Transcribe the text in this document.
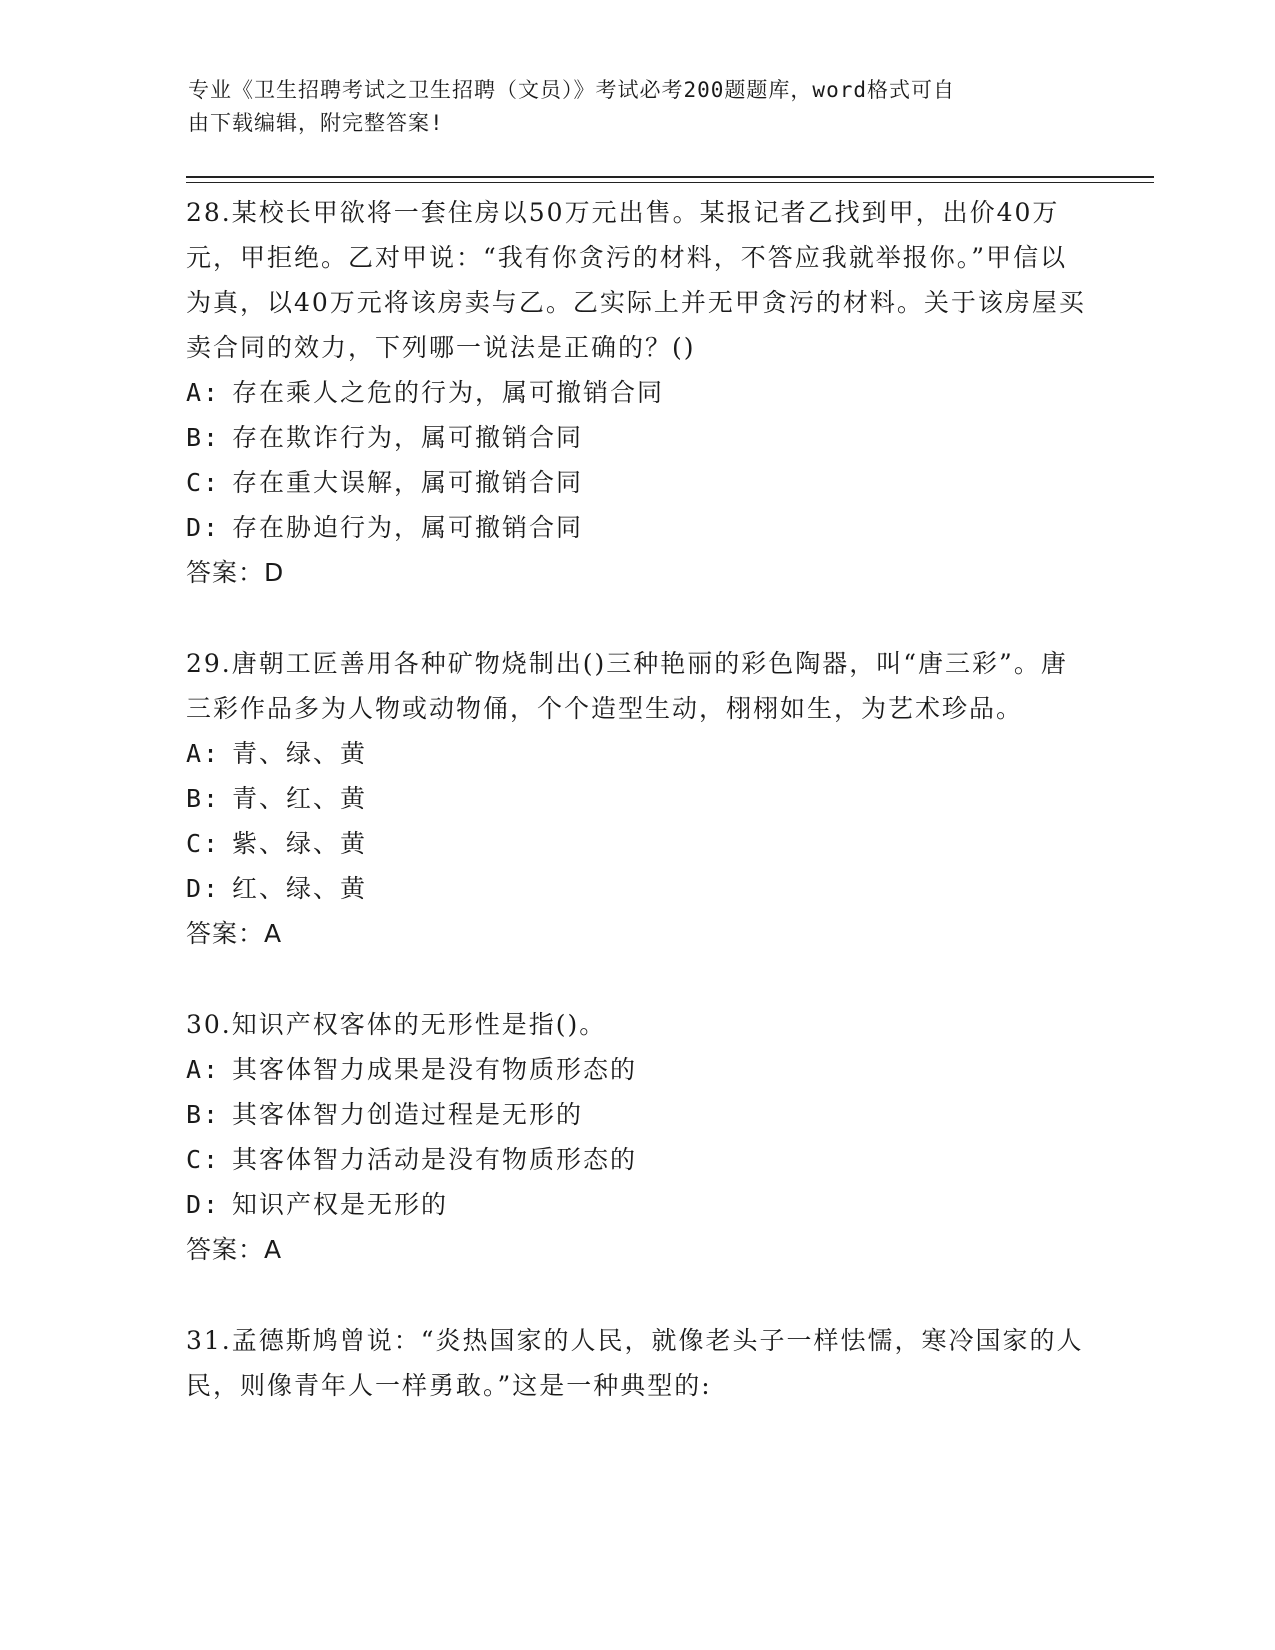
专业《卫生招聘考试之卫生招聘（文员）》考试必考200题题库，word格式可自
由下载编辑，附完整答案!

28.某校长甲欲将一套住房以50万元出售。某报记者乙找到甲，出价40万元，甲拒绝。乙对甲说：“我有你贪污的材料，不答应我就举报你。”甲信以为真，以40万元将该房卖与乙。乙实际上并无甲贪污的材料。关于该房屋买卖合同的效力，下列哪一说法是正确的？()

A: 存在乘人之危的行为，属可撤销合同
B: 存在欺诈行为，属可撤销合同
C: 存在重大误解，属可撤销合同
D: 存在胁迫行为，属可撤销合同

答案：D

29.唐朝工匠善用各种矿物烧制出()三种艳丽的彩色陶器，叫“唐三彩”。唐三彩作品多为人物或动物俑，个个造型生动，栩栩如生，为艺术珍品。

A: 青、绿、黄
B: 青、红、黄
C: 紫、绿、黄
D: 红、绿、黄

答案：A

30.知识产权客体的无形性是指()。

A: 其客体智力成果是没有物质形态的
B: 其客体智力创造过程是无形的
C: 其客体智力活动是没有物质形态的
D: 知识产权是无形的

答案：A

31.孟德斯鸠曾说：“炎热国家的人民，就像老头子一样怯懦，寒冷国家的人民，则像青年人一样勇敢。”这是一种典型的:
